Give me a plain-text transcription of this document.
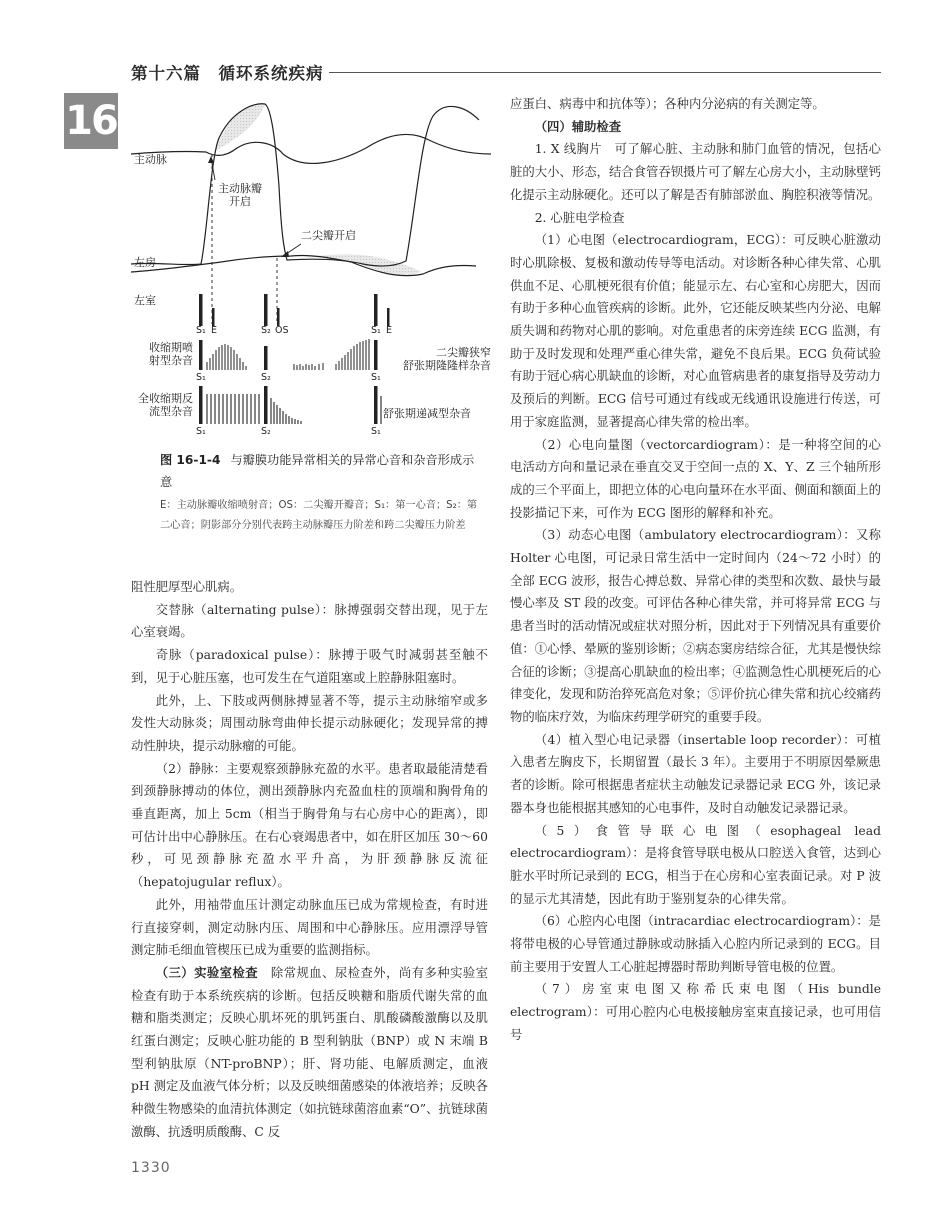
第十六篇　循环系统疾病
16
主动脉
主动脉瓣
开启
二尖瓣开启
左房
左室
S₁ E	S₂ OS	S₁ E
收缩期喷
射型杂音
S₁	S₂	S₁
二尖瓣狭窄
舒张期隆隆样杂音
全收缩期反
流型杂音
S₁	S₂	S₁
舒张期递减型杂音
图 16-1-4 与瓣膜功能异常相关的异常心音和杂音形成示意
E：主动脉瓣收缩喷射音；OS：二尖瓣开瓣音；S₁：第一心音；S₂：第二心音；阴影部分分别代表跨主动脉瓣压力阶差和跨二尖瓣压力阶差

阻性肥厚型心肌病。

交替脉（alternating pulse）：脉搏强弱交替出现，见于左心室衰竭。

奇脉（paradoxical pulse）：脉搏于吸气时减弱甚至触不到，见于心脏压塞，也可发生在气道阻塞或上腔静脉阻塞时。

此外，上、下肢或两侧脉搏显著不等，提示主动脉缩窄或多发性大动脉炎；周围动脉弯曲伸长提示动脉硬化；发现异常的搏动性肿块，提示动脉瘤的可能。

（2）静脉：主要观察颈静脉充盈的水平。患者取最能清楚看到颈静脉搏动的体位，测出颈静脉内充盈血柱的顶端和胸骨角的垂直距离，加上 5cm（相当于胸骨角与右心房中心的距离），即可估计出中心静脉压。在右心衰竭患者中，如在肝区加压 30～60 秒，可见颈静脉充盈水平升高，为肝颈静脉反流征（hepatojugular reflux）。

此外，用袖带血压计测定动脉血压已成为常规检查，有时进行直接穿刺，测定动脉内压、周围和中心静脉压。应用漂浮导管测定肺毛细血管楔压已成为重要的监测指标。

（三）实验室检查　 除常规血、尿检查外，尚有多种实验室检查有助于本系统疾病的诊断。包括反映糖和脂质代谢失常的血糖和脂类测定；反映心肌坏死的肌钙蛋白、肌酸磷酸激酶以及肌红蛋白测定；反映心脏功能的 B 型利钠肽（BNP）或 N 末端 B 型利钠肽原（NT-proBNP）；肝、肾功能、电解质测定，血液 pH 测定及血液气体分析；以及反映细菌感染的体液培养；反映各种微生物感染的血清抗体测定（如抗链球菌溶血素“O”、抗链球菌激酶、抗透明质酸酶、C 反

应蛋白、病毒中和抗体等）；各种内分泌病的有关测定等。

（四）辅助检查

1. X 线胸片　可了解心脏、主动脉和肺门血管的情况，包括心脏的大小、形态，结合食管吞钡摄片可了解左心房大小，主动脉壁钙化提示主动脉硬化。还可以了解是否有肺部淤血、胸腔积液等情况。

2. 心脏电学检查

（1）心电图（electrocardiogram，ECG）：可反映心脏激动时心肌除极、复极和激动传导等电活动。对诊断各种心律失常、心肌供血不足、心肌梗死很有价值；能显示左、右心室和心房肥大，因而有助于多种心血管疾病的诊断。此外，它还能反映某些内分泌、电解质失调和药物对心肌的影响。对危重患者的床旁连续 ECG 监测，有助于及时发现和处理严重心律失常，避免不良后果。ECG 负荷试验有助于冠心病心肌缺血的诊断，对心血管病患者的康复指导及劳动力及预后的判断。ECG 信号可通过有线或无线通讯设施进行传送，可用于家庭监测，显著提高心律失常的检出率。

（2）心电向量图（vectorcardiogram）：是一种将空间的心电活动方向和量记录在垂直交叉于空间一点的 X、Y、Z 三个轴所形成的三个平面上，即把立体的心电向量环在水平面、侧面和额面上的投影描记下来，可作为 ECG 图形的解释和补充。

（3）动态心电图（ambulatory electrocardiogram）：又称 Holter 心电图，可记录日常生活中一定时间内（24～72 小时）的全部 ECG 波形，报告心搏总数、异常心律的类型和次数、最快与最慢心率及 ST 段的改变。可评估各种心律失常，并可将异常 ECG 与患者当时的活动情况或症状对照分析，因此对于下列情况具有重要价值：①心悸、晕厥的鉴别诊断；②病态窦房结综合征，尤其是慢快综合征的诊断；③提高心肌缺血的检出率；④监测急性心肌梗死后的心律变化，发现和防治猝死高危对象；⑤评价抗心律失常和抗心绞痛药物的临床疗效，为临床药理学研究的重要手段。

（4）植入型心电记录器（insertable loop recorder）：可植入患者左胸皮下，长期留置（最长 3 年）。主要用于不明原因晕厥患者的诊断。除可根据患者症状主动触发记录器记录 ECG 外，该记录器本身也能根据其感知的心电事件，及时自动触发记录器记录。

（5）食管导联心电图（esophageal lead electrocardiogram）：是将食管导联电极从口腔送入食管，达到心脏水平时所记录到的 ECG，相当于在心房和心室表面记录。对 P 波的显示尤其清楚，因此有助于鉴别复杂的心律失常。

（6）心腔内心电图（intracardiac electrocardiogram）：是将带电极的心导管通过静脉或动脉插入心腔内所记录到的 ECG。目前主要用于安置人工心脏起搏器时帮助判断导管电极的位置。

（7）房室束电图又称希氏束电图（His bundle electrogram）：可用心腔内心电极接触房室束直接记录，也可用信号

1330
